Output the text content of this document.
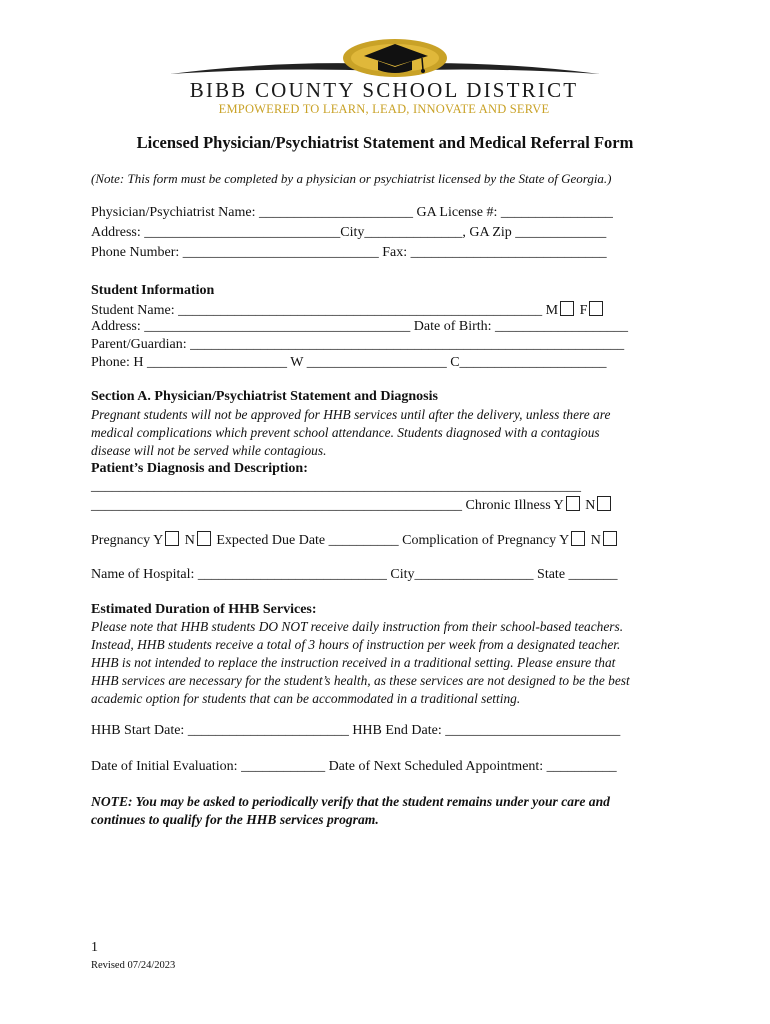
BIBB COUNTY SCHOOL DISTRICT
EMPOWERED TO LEARN, LEAD, INNOVATE AND SERVE
Licensed Physician/Psychiatrist Statement and Medical Referral Form
(Note: This form must be completed by a physician or psychiatrist licensed by the State of Georgia.)
Physician/Psychiatrist Name: ______________________ GA License #: ________________
Address: ____________________________City______________, GA Zip _____________
Phone Number: ____________________________ Fax: ____________________________
Student Information
Student Name: ____________________________________________________ M F
Address: ______________________________________ Date of Birth: ___________________
Parent/Guardian: ______________________________________________________________
Phone: H ____________________ W ____________________ C_____________________
Section A. Physician/Psychiatrist Statement and Diagnosis
Pregnant students will not be approved for HHB services until after the delivery, unless there are
medical complications which prevent school attendance. Students diagnosed with a contagious
disease will not be served while contagious.
Patient’s Diagnosis and Description:
______________________________________________________________________
_____________________________________________________ Chronic Illness Y N
Pregnancy Y N Expected Due Date __________ Complication of Pregnancy Y N
Name of Hospital: ___________________________ City_________________ State _______
Estimated Duration of HHB Services:
Please note that HHB students DO NOT receive daily instruction from their school-based teachers.
Instead, HHB students receive a total of 3 hours of instruction per week from a designated teacher.
HHB is not intended to replace the instruction received in a traditional setting. Please ensure that
HHB services are necessary for the student’s health, as these services are not designed to be the best
academic option for students that can be accommodated in a traditional setting.
HHB Start Date: _______________________ HHB End Date: _________________________
Date of Initial Evaluation: ____________ Date of Next Scheduled Appointment: __________
NOTE: You may be asked to periodically verify that the student remains under your care and
continues to qualify for the HHB services program.
1
Revised 07/24/2023
